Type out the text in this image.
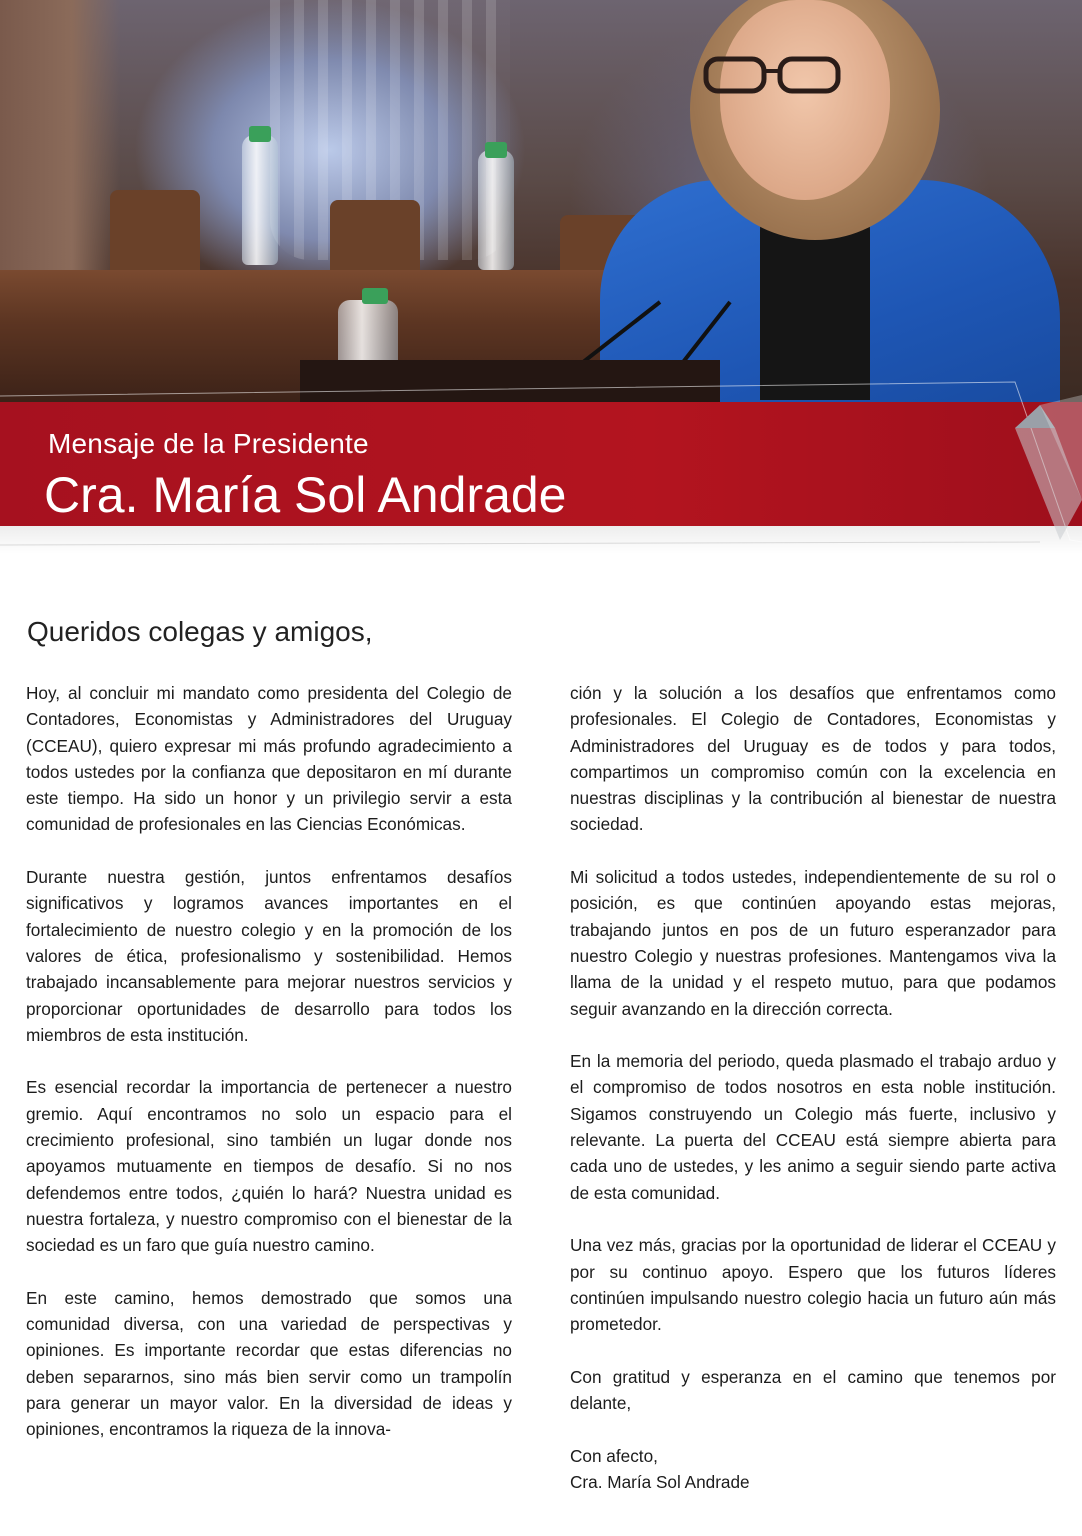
Mensaje de la Presidente
Cra. María Sol Andrade
Queridos colegas y amigos,

Hoy, al concluir mi mandato como presidenta del Colegio de Contadores, Economistas y Administradores del Uruguay (CCEAU), quiero expresar mi más profundo agradecimiento a todos ustedes por la confianza que depositaron en mí durante este tiempo. Ha sido un honor y un privilegio servir a esta comunidad de profesionales en las Ciencias Económicas.

Durante nuestra gestión, juntos enfrentamos desafíos significativos y logramos avances importantes en el fortalecimiento de nuestro colegio y en la promoción de los valores de ética, profesionalismo y sostenibilidad. Hemos trabajado incansablemente para mejorar nuestros servicios y proporcionar oportunidades de desarrollo para todos los miembros de esta institución.

Es esencial recordar la importancia de pertenecer a nuestro gremio. Aquí encontramos no solo un espacio para el crecimiento profesional, sino también un lugar donde nos apoyamos mutuamente en tiempos de desafío. Si no nos defendemos entre todos, ¿quién lo hará? Nuestra unidad es nuestra fortaleza, y nuestro compromiso con el bienestar de la sociedad es un faro que guía nuestro camino.

En este camino, hemos demostrado que somos una comunidad diversa, con una variedad de perspectivas y opiniones. Es importante recordar que estas diferencias no deben separarnos, sino más bien servir como un trampolín para generar un mayor valor. En la diversidad de ideas y opiniones, encontramos la riqueza de la innova-

ción y la solución a los desafíos que enfrentamos como profesionales. El Colegio de Contadores, Economistas y Administradores del Uruguay es de todos y para todos, compartimos un compromiso común con la excelencia en nuestras disciplinas y la contribución al bienestar de nuestra sociedad.

Mi solicitud a todos ustedes, independientemente de su rol o posición, es que continúen apoyando estas mejoras, trabajando juntos en pos de un futuro esperanzador para nuestro Colegio y nuestras profesiones. Mantengamos viva la llama de la unidad y el respeto mutuo, para que podamos seguir avanzando en la dirección correcta.

En la memoria del periodo, queda plasmado el trabajo arduo y el compromiso de todos nosotros en esta noble institución. Sigamos construyendo un Colegio más fuerte, inclusivo y relevante. La puerta del CCEAU está siempre abierta para cada uno de ustedes, y les animo a seguir siendo parte activa de esta comunidad.

Una vez más, gracias por la oportunidad de liderar el CCEAU y por su continuo apoyo. Espero que los futuros líderes continúen impulsando nuestro colegio hacia un futuro aún más prometedor.

Con gratitud y esperanza en el camino que tenemos por delante,

Con afecto,

Cra. María Sol Andrade
